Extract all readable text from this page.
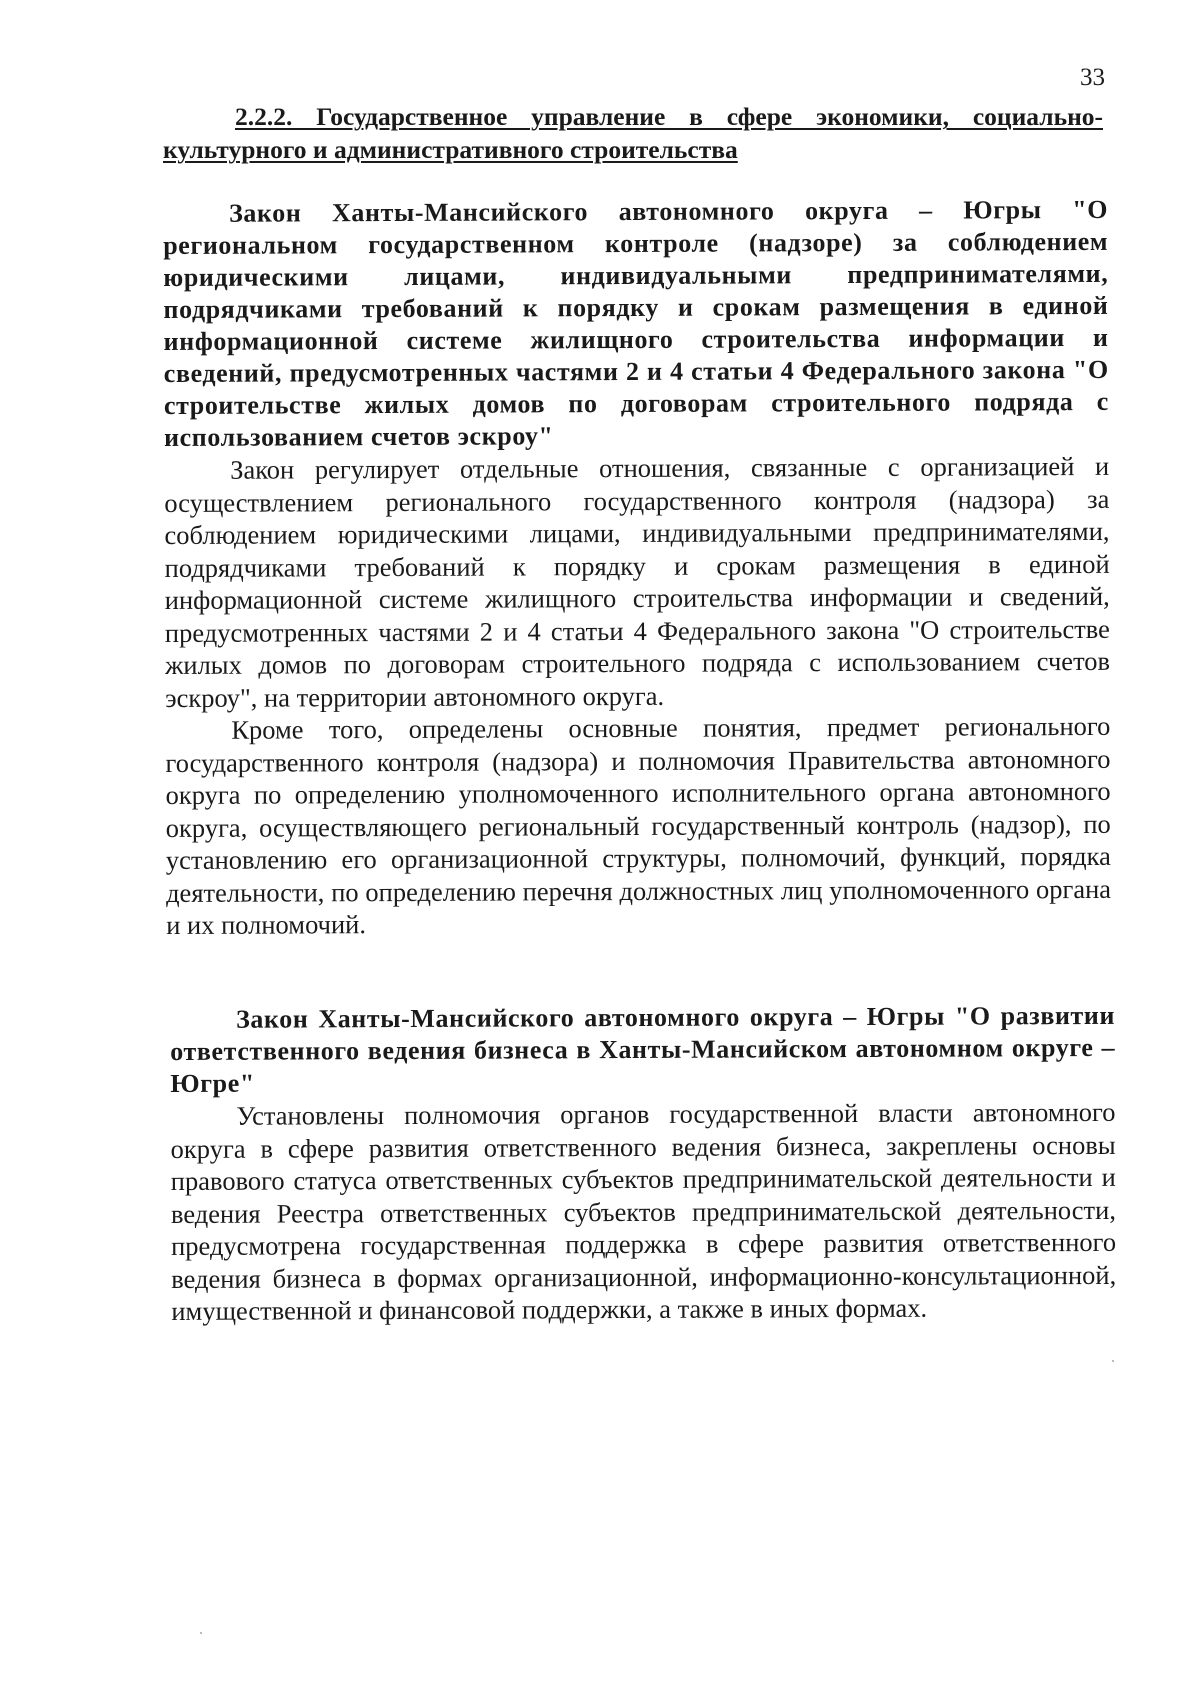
33
2.2.2. Государственное управление в сфере экономики, социально-культурного и административного строительства

Закон Ханты-Мансийского автономного округа – Югры "О региональном государственном контроле (надзоре) за соблюдением юридическими лицами, индивидуальными предпринимателями, подрядчиками требований к порядку и срокам размещения в единой информационной системе жилищного строительства информации и сведений, предусмотренных частями 2 и 4 статьи 4 Федерального закона "О строительстве жилых домов по договорам строительного подряда с использованием счетов эскроу"

Закон регулирует отдельные отношения, связанные с организацией и осуществлением регионального государственного контроля (надзора) за соблюдением юридическими лицами, индивидуальными предпринимателями, подрядчиками требований к порядку и срокам размещения в единой информационной системе жилищного строительства информации и сведений, предусмотренных частями 2 и 4 статьи 4 Федерального закона "О строительстве жилых домов по договорам строительного подряда с использованием счетов эскроу", на территории автономного округа.

Кроме того, определены основные понятия, предмет регионального государственного контроля (надзора) и полномочия Правительства автономного округа по определению уполномоченного исполнительного органа автономного округа, осуществляющего региональный государственный контроль (надзор), по установлению его организационной структуры, полномочий, функций, порядка деятельности, по определению перечня должностных лиц уполномоченного органа и их полномочий.

Закон Ханты-Мансийского автономного округа – Югры "О развитии ответственного ведения бизнеса в Ханты-Мансийском автономном округе – Югре"

Установлены полномочия органов государственной власти автономного округа в сфере развития ответственного ведения бизнеса, закреплены основы правового статуса ответственных субъектов предпринимательской деятельности и ведения Реестра ответственных субъектов предпринимательской деятельности, предусмотрена государственная поддержка в сфере развития ответственного ведения бизнеса в формах организационной, информационно-консультационной, имущественной и финансовой поддержки, а также в иных формах.
